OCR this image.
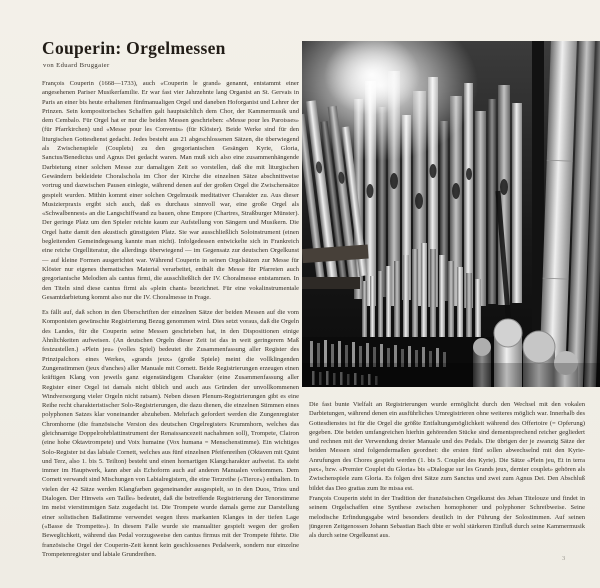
Couperin: Orgelmessen
von Eduard Bruggaier

François Couperin (1668—1733), auch «Couperin le grand» genannt, entstammt einer angesehenen Pariser Musikerfamilie. Er war fast vier Jahrzehnte lang Organist an St. Gervais in Paris an einer bis heute erhaltenen fünfmanualigen Orgel und daneben Hoforganist und Lehrer der Prinzen. Sein kompositorisches Schaffen galt hauptsächlich dem Chor, der Kammermusik und dem Cembalo. Für Orgel hat er nur die beiden Messen geschrieben: «Messe pour les Paroisses» (für Pfarrkirchen) und «Messe pour les Convents» (für Klöster). Beide Werke sind für den liturgischen Gottesdienst gedacht. Jedes besteht aus 21 abgeschlossenen Sätzen, die überwiegend als Zwischenspiele (Couplets) zu den gregorianischen Gesängen Kyrie, Gloria, Sanctus/Benedictus und Agnus Dei gedacht waren. Man muß sich also eine zusammenhängende Darbietung einer solchen Messe zur damaligen Zeit so vorstellen, daß die mit liturgischen Gewändern bekleidete Choralschola im Chor der Kirche die einzelnen Sätze abschnittweise vortrug und dazwischen Pausen einlegte, während denen auf der großen Orgel die Zwischensätze gespielt wurden. Mithin kommt einer solchen Orgelmusik meditativer Charakter zu. Aus dieser Musizierpraxis ergibt sich auch, daß es durchaus sinnvoll war, eine große Orgel als «Schwalbennest» an die Langschiffwand zu bauen, ohne Empore (Chartres, Straßburger Münster). Der geringe Platz um den Spieler reichte kaum zur Aufstellung von Sängern und Musikern. Die Orgel hatte damit den akustisch günstigsten Platz. Sie war ausschließlich Soloinstrument (einen begleitenden Gemeindegesang kannte man nicht). Infolgedessen entwickelte sich in Frankreich eine reiche Orgelliteratur, die allerdings überwiegend — im Gegensatz zur deutschen Orgelkunst — auf kleine Formen ausgerichtet war. Während Couperin in seinen Orgelsätzen zur Messe für Klöster nur eigenes thematisches Material verarbeitet, enthält die Messe für Pfarreien auch gregorianische Melodien als cantus firmi, die ausschließlich der IV. Choralmesse entstammen. In den Titeln sind diese cantus firmi als «plein chant» bezeichnet. Für eine vokalinstrumentale Gesamtdarbietung kommt also nur die IV. Choralmesse in Frage.

Es fällt auf, daß schon in den Überschriften der einzelnen Sätze der beiden Messen auf die vom Komponisten gewünschte Registrierung Bezug genommen wird. Dies setzt voraus, daß die Orgeln des Landes, für die Couperin seine Messen geschrieben hat, in den Dispositionen einige Ähnlichkeiten aufweisen. (An deutschen Orgeln dieser Zeit ist das in weit geringerem Maß festzustellen.) «Plein jeu» (volles Spiel) bedeutet die Zusammenfassung aller Register des Prinzipalchors eines Werkes, «grands jeux» (große Spiele) meint die vollklingenden Zungenstimmen (jeux d'anches) aller Manuale mit Cornett. Beide Registrierungen erzeugen einen kräftigen Klang von jeweils ganz eigenständigem Charakter (eine Zusammenfassung aller Register einer Orgel ist damals nicht üblich und auch aus Gründen der unvollkommenen Windversorgung vieler Orgeln nicht ratsam). Neben diesen Plenum-Registrierungen gibt es eine Reihe recht charakteristischer Solo-Registrierungen, die dazu dienen, die einzelnen Stimmen eines polyphonen Satzes klar voneinander abzuheben. Mehrfach gefordert werden die Zungenregister Chromhorne (die französische Version des deutschen Orgelregisters Krummhorn, welches das gleichnamige Doppelrohrblattinstrument der Renaissancezeit nachahmen soll), Trompete, Clairon (eine hohe Oktavtrompete) und Voix humaine (Vox humana = Menschenstimme). Ein wichtiges Solo-Register ist das labiale Cornett, welches aus fünf einzelnen Pfeifenreihen (Oktaven mit Quint und Terz, also 1. bis 5. Teilton) besteht und einen hornartigen Klangcharakter aufweist. Es steht immer im Hauptwerk, kann aber als Echoform auch auf anderen Manualen vorkommen. Dem Cornett verwandt sind Mischungen von Labialregistern, die eine Terzreihe («Tierce») enthalten. In vielen der 42 Sätze werden Klangfarben gegeneinander ausgespielt, so in den Duos, Trios und Dialogen. Der Hinweis «en Taille» bedeutet, daß die betreffende Registrierung der Tenorstimme im meist vierstimmigen Satz zugedacht ist. Die Trompete wurde damals gerne zur Darstellung einer solistischen Baßstimme verwendet wegen ihres markanten Klanges in der tiefen Lage («Basse de Trompette»). In diesem Falle wurde sie manualiter gespielt wegen der großen Beweglichkeit, während das Pedal vorzugsweise den cantus firmus mit der Trompete führte. Die französische Orgel der Couperin-Zeit kennt kein geschlossenes Pedalwerk, sondern nur einzelne Trompetenregister und labiale Grundreihen.

Die fast bunte Vielfalt an Registrierungen wurde ermöglicht durch den Wechsel mit den vokalen Darbietungen, während denen ein ausführliches Umregistrieren ohne weiteres möglich war. Innerhalb des Gottesdienstes ist für die Orgel die größte Entfaltungsmöglichkeit während des Offertoire (= Opferung) gegeben. Die beiden umfangreichen hierhin gehörenden Stücke sind dementsprechend reicher gegliedert und rechnen mit der Verwendung dreier Manuale und des Pedals. Die übrigen der je zwanzig Sätze der beiden Messen sind folgendermaßen geordnet: die ersten fünf sollen abwechselnd mit den Kyrie-Anrufungen des Chores gespielt werden (1. bis 5. Couplet des Kyrie). Die Sätze «Plein jeu, Et in terra pax», bzw. «Premier Couplet du Gloria» bis «Dialogue sur les Grands jeux, dernier couplet» gehören als Zwischenspiele zum Gloria. Es folgen drei Sätze zum Sanctus und zwei zum Agnus Dei. Den Abschluß bildet das Deo gratias zum Ite missa est.

François Couperin steht in der Tradition der französischen Orgelkunst des Jehan Titelouze und findet in seinem Orgelschaffen eine Synthese zwischen homophoner und polyphoner Schreibweise. Seine melodische Erfindungsgabe wird besonders deutlich in der Führung der Solostimmen. Auf seinen jüngeren Zeitgenossen Johann Sebastian Bach übte er wohl stärkeren Einfluß durch seine Kammermusik als durch seine Orgelkunst aus.

3
